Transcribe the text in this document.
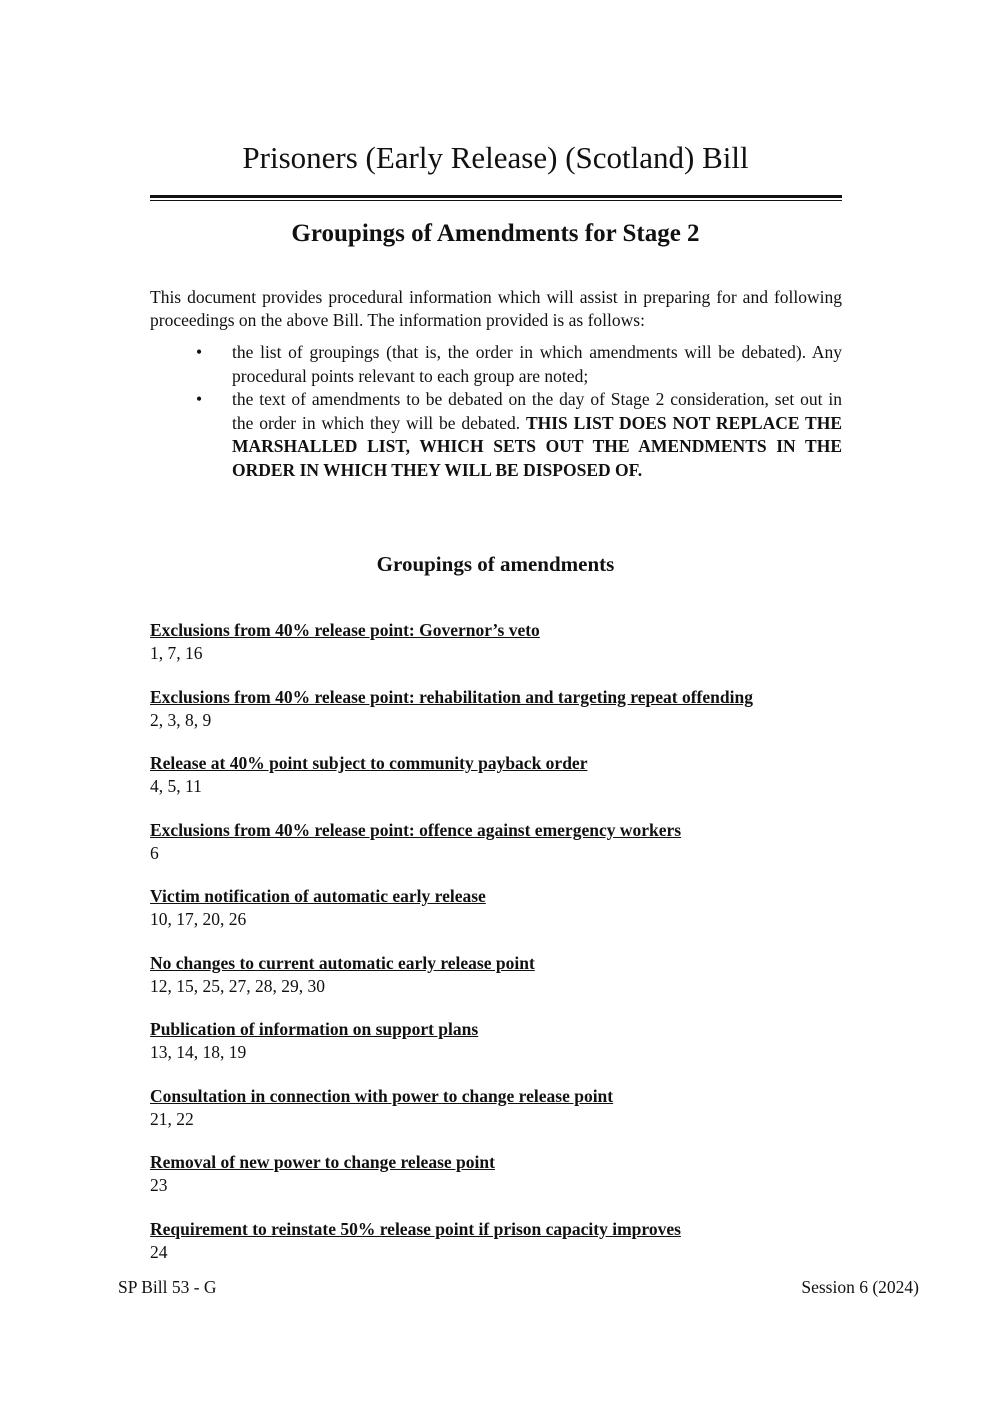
Prisoners (Early Release) (Scotland) Bill
Groupings of Amendments for Stage 2

This document provides procedural information which will assist in preparing for and following proceedings on the above Bill. The information provided is as follows:

• the list of groupings (that is, the order in which amendments will be debated). Any procedural points relevant to each group are noted;
• the text of amendments to be debated on the day of Stage 2 consideration, set out in the order in which they will be debated. THIS LIST DOES NOT REPLACE THE MARSHALLED LIST, WHICH SETS OUT THE AMENDMENTS IN THE ORDER IN WHICH THEY WILL BE DISPOSED OF.
Groupings of amendments
Exclusions from 40% release point: Governor’s veto
1, 7, 16
Exclusions from 40% release point: rehabilitation and targeting repeat offending
2, 3, 8, 9
Release at 40% point subject to community payback order
4, 5, 11
Exclusions from 40% release point: offence against emergency workers
6
Victim notification of automatic early release
10, 17, 20, 26
No changes to current automatic early release point
12, 15, 25, 27, 28, 29, 30
Publication of information on support plans
13, 14, 18, 19
Consultation in connection with power to change release point
21, 22
Removal of new power to change release point
23
Requirement to reinstate 50% release point if prison capacity improves
24
SP Bill 53 - G	Session 6 (2024)
